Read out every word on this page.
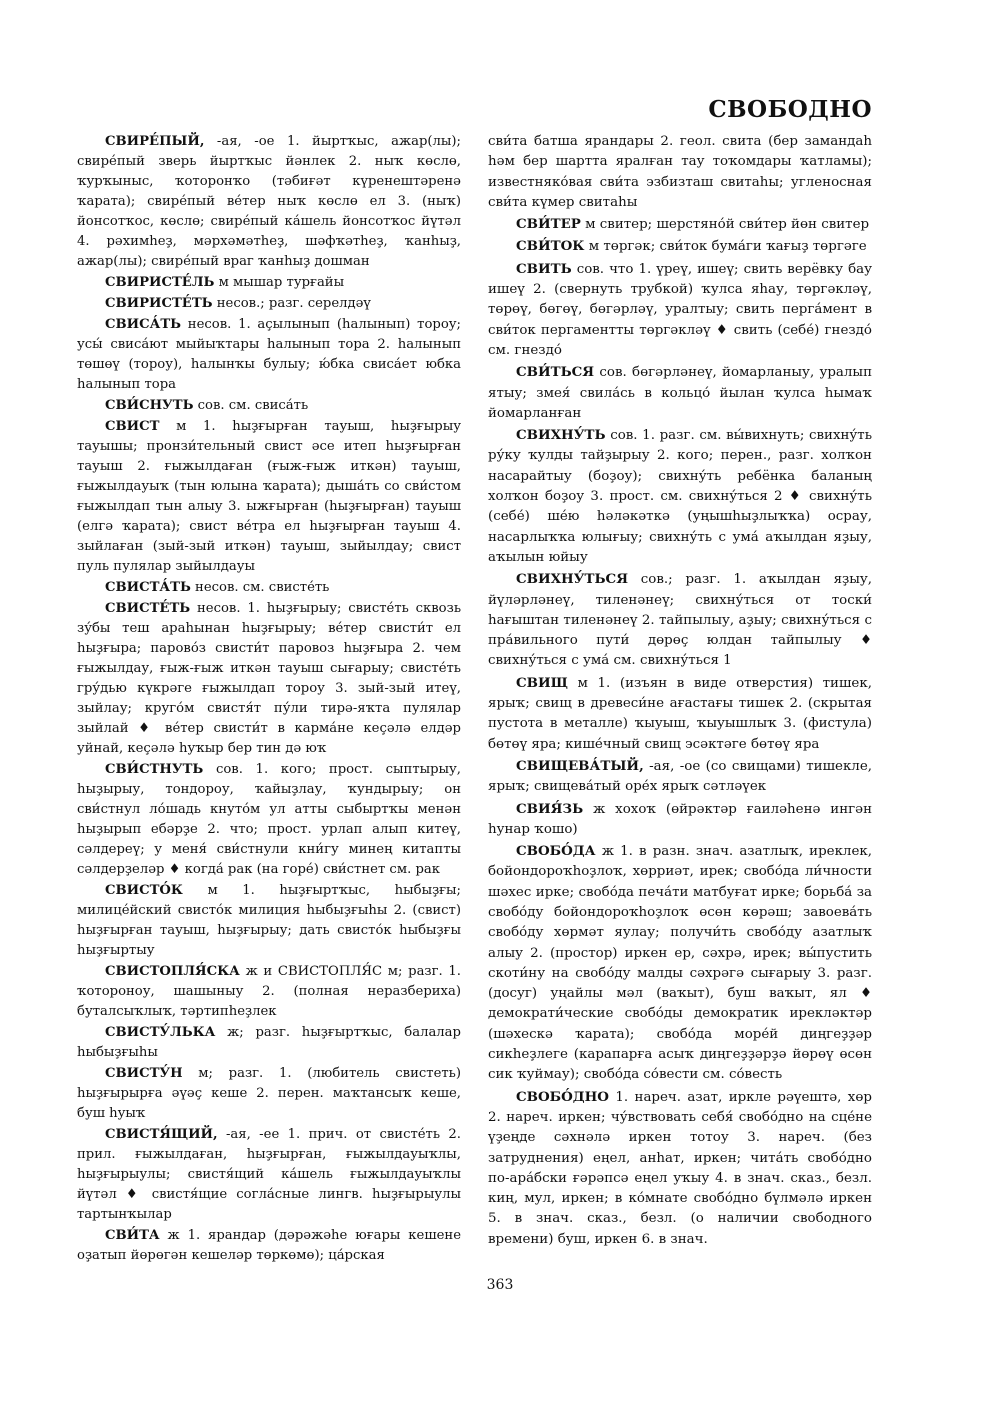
СВОБОДНО

СВИРЕ́ПЫЙ, -ая, -ое 1. йыртҡыс, ажар(лы); свире́пый зверь йыртҡыс йәнлек 2. ныҡ көслө, ҡурҡыныс, ҡоторонҡо (тәбиғәт күренештәренә ҡарата); свире́пый ве́тер ныҡ көслө ел 3. (ныҡ) йонсотҡос, көслө; свире́пый ка́шель йонсотҡос йүтәл 4. рәхимһеҙ, мәрхәмәтһеҙ, шәфҡәтһеҙ, ҡанһыҙ, ажар(лы); свире́пый враг ҡанһыҙ дошман

СВИРИСТЕ́ЛЬ м мышар турғайы

СВИРИСТЕ́ТЬ несов.; разг. серелдәү

СВИСА́ТЬ несов. 1. аҫылынып (һалынып) тороу; усы́ свиса́ют мыйыҡтары һалынып тора 2. һалынып төшөү (тороу), һалынҡы булыу; ю́бка свиса́ет юбка һалынып тора

СВИ́СНУТЬ сов. см. свиса́ть

СВИСТ м 1. һыҙғырған тауыш, һыҙғырыу тауышы; пронзи́тельный свист әсе итеп һыҙғырған тауыш 2. ғыжылдаған (ғыж-ғыж иткән) тауыш, ғыжылдауыҡ (тын юлына ҡарата); дыша́ть со сви́стом ғыжылдап тын алыу 3. ыжғырған (һыҙғырған) тауыш (елгә ҡарата); свист ве́тра ел һыҙғырған тауыш 4. зыйлаған (зый-зый иткән) тауыш, зыйылдау; свист пуль пулялар зыйылдауы

СВИСТА́ТЬ несов. см. свисте́ть

СВИСТЕ́ТЬ несов. 1. һыҙғырыу; свисте́ть сквозь зу́бы теш араһынан һыҙғырыу; ве́тер свисти́т ел һыҙғыра; парово́з свисти́т паровоз һыҙғыра 2. чем ғыжылдау, ғыж-ғыж иткән тауыш сығарыу; свисте́ть гру́дью күкрәге ғыжылдап тороу 3. зый-зый итеү, зыйлау; круго́м свистя́т пу́ли тирә-яҡта пулялар зыйлай ♦ ве́тер свисти́т в карма́не кеҫәлә елдәр уйнай, кеҫәлә һуҡыр бер тин дә юҡ

СВИ́СТНУТЬ сов. 1. кого; прост. сыптырыу, һыҙырыу, тондороу, ҡайыҙлау, ҡундырыу; он сви́стнул ло́шадь кнуто́м ул атты сыбыртҡы менән һыҙырып ебәрҙе 2. что; прост. урлап алып китеү, сәлдереү; у меня́ сви́стнули кни́гу минең китапты сәлдерҙеләр ♦ когда́ рак (на горе́) сви́стнет см. рак

СВИСТО́К м 1. һыҙғыртҡыс, һыбыҙғы; милице́йский свисто́к милиция һыбыҙғыһы 2. (свист) һыҙғырған тауыш, һыҙғырыу; дать свисто́к һыбыҙғы һыҙғыртыу

СВИСТОПЛЯ́СКА ж и СВИСТОПЛЯ́С м; разг. 1. ҡотороноу, шашыныу 2. (полная неразбериха) буталсыҡлыҡ, тәртипһеҙлек

СВИСТУ́ЛЬКА ж; разг. һыҙғыртҡыс, балалар һыбыҙғыһы

СВИСТУ́Н м; разг. 1. (любитель свистеть) һыҙғырырға әүәҫ кеше 2. перен. маҡтансыҡ кеше, буш һуыҡ

СВИСТЯ́ЩИЙ, -ая, -ее 1. прич. от свисте́ть 2. прил. ғыжылдаған, һыҙғырған, ғыжылдауыҡлы, һыҙғырыулы; свистя́щий ка́шель ғыжылдауыҡлы йүтәл ♦ свистя́щие согла́сные лингв. һыҙғырыулы тартынҡылар

СВИ́ТА ж 1. ярандар (дәрәжәһе юғары кешене оҙатып йөрөгән кешеләр төркөмө); ца́рская

сви́та батша ярандары 2. геол. свита (бер замандаһ һәм бер шартта яралған тау тоҡомдары ҡатламы); известняко́вая сви́та эзбизташ свитаһы; угленосная сви́та күмер свитаһы

СВИ́ТЕР м свитер; шерстяно́й сви́тер йөн свитер

СВИ́ТОК м төргәк; сви́ток бума́ги ҡағыҙ төргәге

СВИТЬ сов. что 1. үреү, ишеү; свить верёвку бау ишеү 2. (свернуть трубкой) ҡулса яһау, төргәкләү, төрөү, бөгөү, бөгәрләү, уралтыу; свить перга́мент в сви́ток пергаментты төргәкләү ♦ свить (себе́) гнездо́ см. гнездо́

СВИ́ТЬСЯ сов. бөгәрләнеү, йомарланыу, уралып ятыу; змея́ свила́сь в кольцо́ йылан ҡулса һымаҡ йомарланған

СВИХНУ́ТЬ сов. 1. разг. см. вы́вихнуть; свихну́ть ру́ку ҡулды тайҙырыу 2. кого; перен., разг. холҡон насарайтыу (боҙоу); свихну́ть ребёнка баланың холҡон боҙоу 3. прост. см. свихну́ться 2 ♦ свихну́ть (себе́) ше́ю һәләкәткә (уңышһыҙлыҡҡа) осрау, насарлыҡҡа юлығыу; свихну́ть с ума́ аҡылдан яҙыу, аҡылын юйыу

СВИХНУ́ТЬСЯ сов.; разг. 1. аҡылдан яҙыу, йүләрләнеү, тиленәнеү; свихну́ться от тоски́ һағыштан тиленәнеү 2. тайпылыу, аҙыу; свихну́ться с пра́вильного пути́ дөрөҫ юлдан тайпылыу ♦ свихну́ться с ума́ см. свихну́ться 1

СВИЩ м 1. (изъян в виде отверстия) тишек, ярыҡ; свищ в древеси́не ағастағы тишек 2. (скрытая пустота в металле) ҡыуыш, ҡыуышлыҡ 3. (фистула) бөтөү яра; кише́чный свищ эсәктәге бөтөү яра

СВИЩЕВА́ТЫЙ, -ая, -ое (со свищами) тишекле, ярыҡ; свищева́тый оре́х ярыҡ сәтләүек

СВИЯ́ЗЬ ж хохоҡ (өйрәктәр ғаиләһенә ингән һунар ҡошо)

СВОБО́ДА ж 1. в разн. знач. азатлыҡ, иреклек, бойондороҡһоҙлоҡ, хөрриәт, ирек; свобо́да ли́чности шәхес ирке; свобо́да печа́ти матбуғат ирке; борьба́ за свобо́ду бойондороҡһоҙлоҡ өсөн көрәш; завоева́ть свобо́ду хөрмәт яулау; получи́ть свобо́ду азатлыҡ алыу 2. (простор) иркен ер, сәхрә, ирек; вы́пустить скоти́ну на свобо́ду малды сәхрәгә сығарыу 3. разг. (досуг) уңайлы мәл (ваҡыт), буш ваҡыт, ял ♦ демократи́ческие свобо́ды демократик ирекләктәр (шәхескә ҡарата); свобо́да море́й диңгеҙҙәр сикһеҙлеге (карапарға асыҡ диңгеҙҙәрҙә йөрөү өсөн сик ҡуймау); свобо́да со́вести см. со́весть

СВОБО́ДНО 1. нареч. азат, иркле рәүештә, хөр 2. нареч. иркен; чу́вствовать себя́ свобо́дно на сце́не үҙеңде сәхнәлә иркен тотоу 3. нареч. (без затруднения) еңел, анһат, иркен; чита́ть свобо́дно по-ара́бски ғәрәпсә еңел уҡыу 4. в знач. сказ., безл. киң, мул, иркен; в ко́мнате свобо́дно бүлмәлә иркен 5. в знач. сказ., безл. (о наличии свободного времени) буш, иркен 6. в знач.

363
